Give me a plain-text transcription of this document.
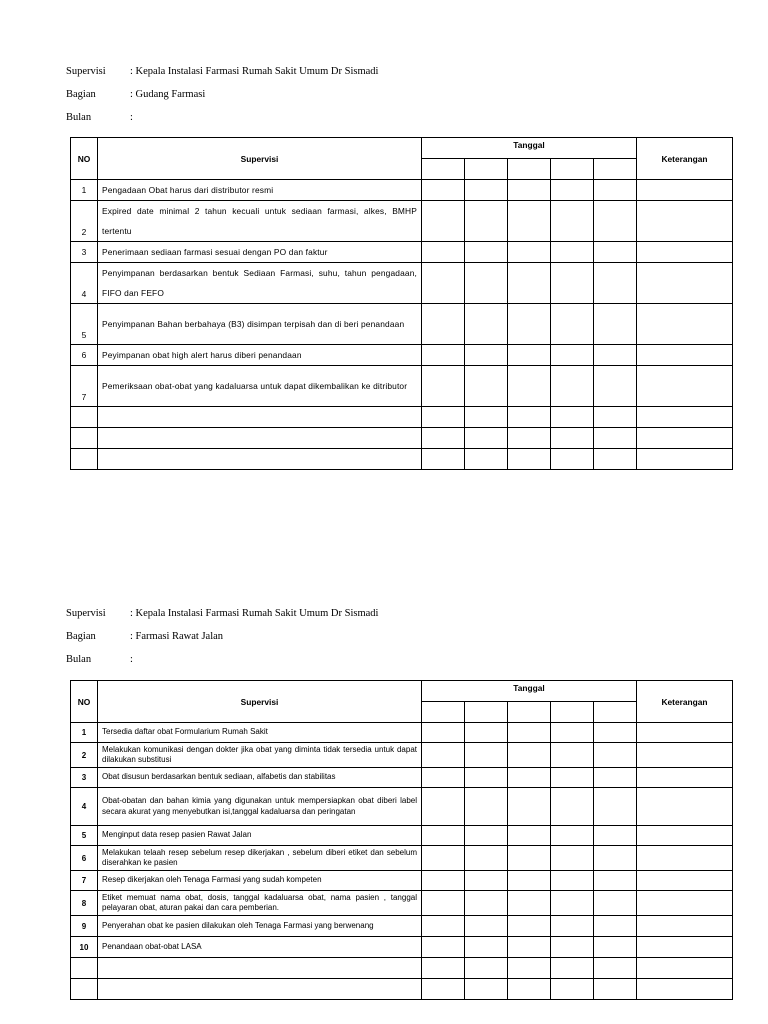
Supervisi : Kepala Instalasi Farmasi Rumah Sakit Umum Dr Sismadi
Bagian	: Gudang Farmasi
Bulan	:
NO	Supervisi	Tanggal					Keterangan

1	Pengadaan Obat harus dari distributor resmi						
2	Expired date minimal 2 tahun kecuali untuk sediaan farmasi, alkes, BMHP tertentu						
3	Penerimaan sediaan farmasi sesuai dengan PO dan faktur						
4	Penyimpanan berdasarkan bentuk Sediaan Farmasi, suhu, tahun pengadaan, FIFO dan FEFO						
5	Penyimpanan Bahan berbahaya (B3) disimpan terpisah dan di beri penandaan						
6	Peyimpanan obat high alert harus diberi penandaan						
7	Pemeriksaan obat-obat yang kadaluarsa untuk dapat dikembalikan ke ditributor						

Supervisi : Kepala Instalasi Farmasi Rumah Sakit Umum Dr Sismadi
Bagian	: Farmasi Rawat Jalan
Bulan	:
NO	Supervisi	Tanggal					Keterangan

1	Tersedia daftar obat Formularium Rumah Sakit						
2	Melakukan komunikasi dengan dokter jika obat yang diminta tidak tersedia untuk dapat dilakukan substitusi						
3	Obat disusun berdasarkan bentuk sediaan, alfabetis dan stabilitas						
4	Obat-obatan dan bahan kimia yang digunakan untuk mempersiapkan obat diberi label secara akurat yang menyebutkan isi,tanggal kadaluarsa dan peringatan						
5	Menginput data resep pasien Rawat Jalan						
6	Melakukan telaah resep sebelum resep dikerjakan , sebelum diberi etiket dan sebelum diserahkan ke pasien						
7	Resep dikerjakan oleh Tenaga Farmasi yang sudah kompeten						
8	Etiket memuat nama obat, dosis, tanggal kadaluarsa obat, nama pasien , tanggal pelayaran obat, aturan pakai dan cara pemberian.						
9	Penyerahan obat ke pasien dilakukan oleh Tenaga Farmasi yang berwenang						
10	Penandaan obat-obat LASA						
